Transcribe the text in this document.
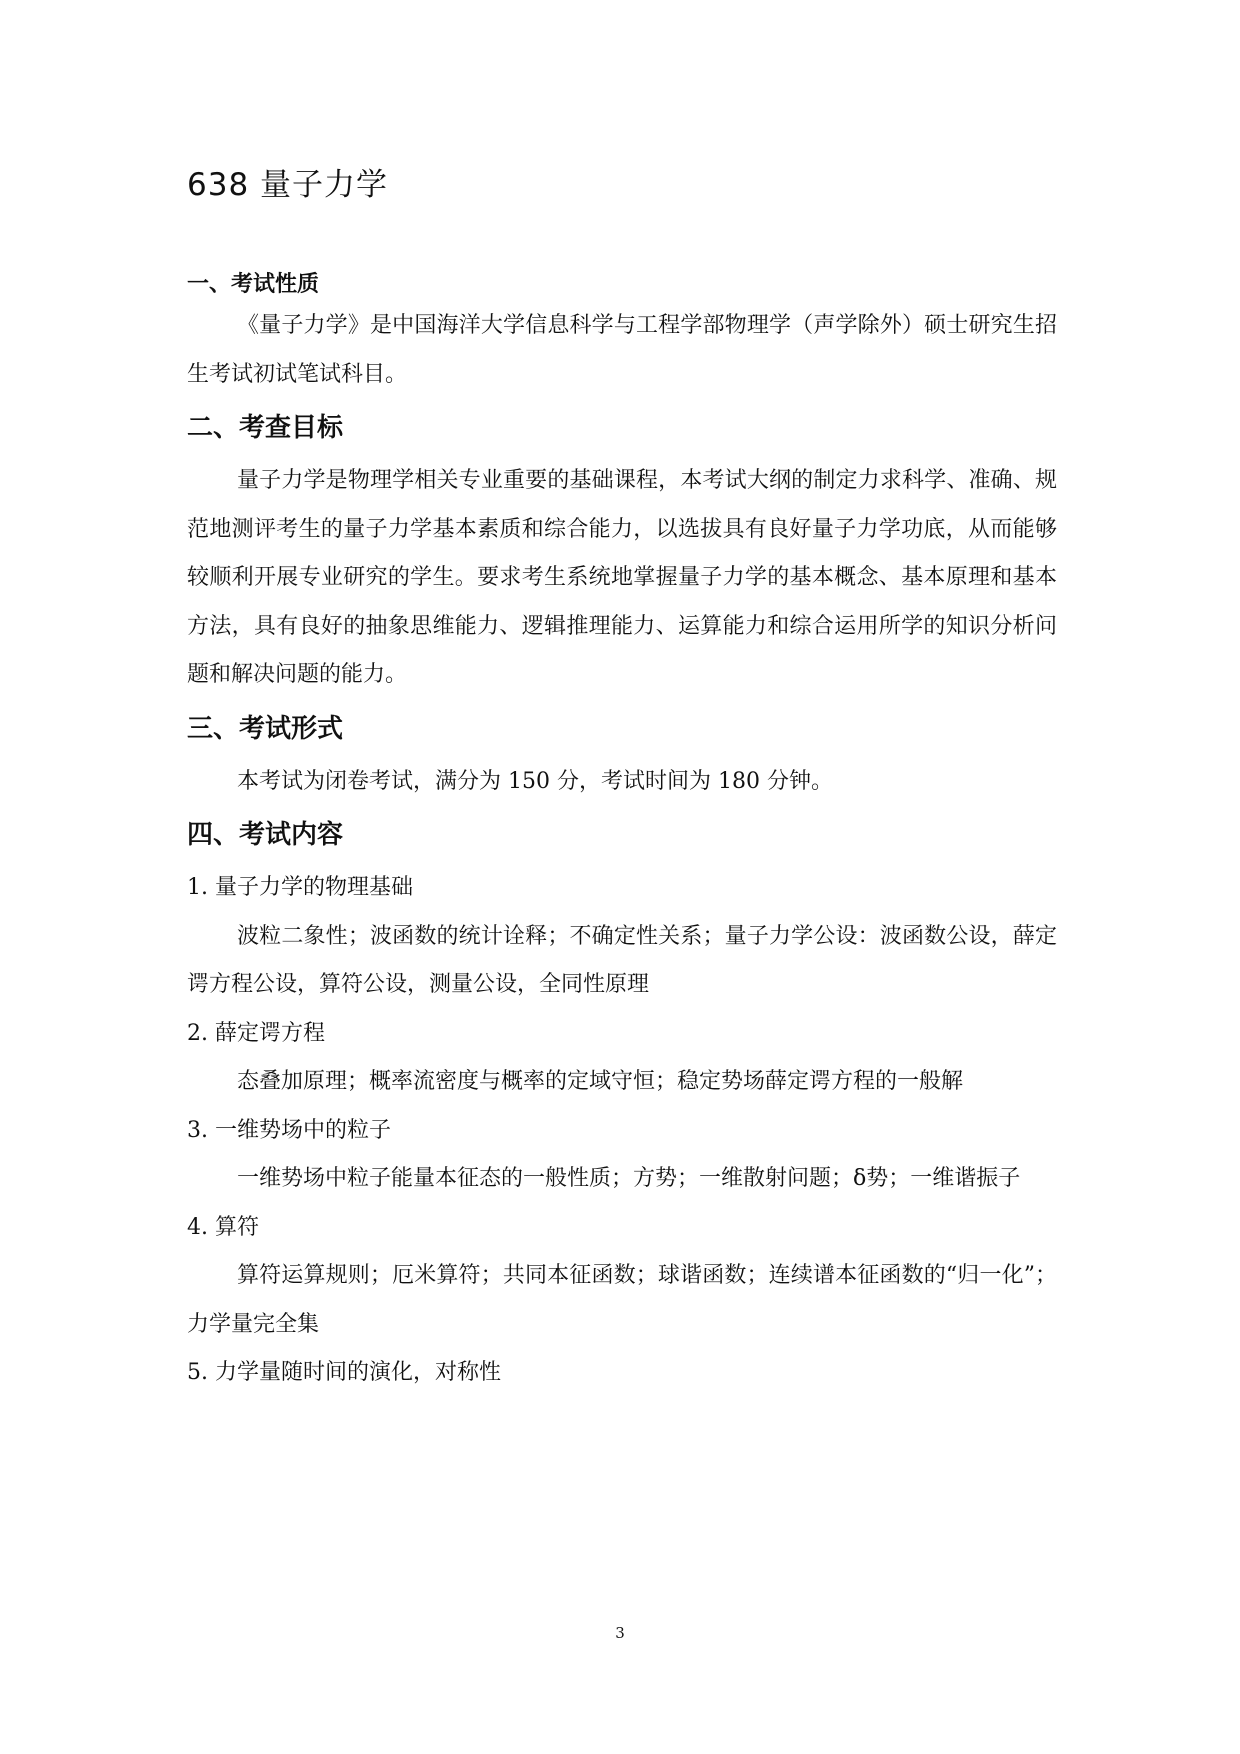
638 量子力学
一、考试性质

《量子力学》是中国海洋大学信息科学与工程学部物理学（声学除外）硕士研究生招生考试初试笔试科目。

二、考查目标

量子力学是物理学相关专业重要的基础课程，本考试大纲的制定力求科学、准确、规范地测评考生的量子力学基本素质和综合能力，以选拔具有良好量子力学功底，从而能够较顺利开展专业研究的学生。要求考生系统地掌握量子力学的基本概念、基本原理和基本方法，具有良好的抽象思维能力、逻辑推理能力、运算能力和综合运用所学的知识分析问题和解决问题的能力。

三、考试形式

本考试为闭卷考试，满分为 150 分，考试时间为 180 分钟。

四、考试内容
1. 量子力学的物理基础

波粒二象性；波函数的统计诠释；不确定性关系；量子力学公设：波函数公设，薛定谔方程公设，算符公设，测量公设，全同性原理

2. 薛定谔方程

态叠加原理；概率流密度与概率的定域守恒；稳定势场薛定谔方程的一般解

3. 一维势场中的粒子

一维势场中粒子能量本征态的一般性质；方势；一维散射问题；δ势；一维谐振子

4. 算符

算符运算规则；厄米算符；共同本征函数；球谐函数；连续谱本征函数的“归一化”；力学量完全集

5. 力学量随时间的演化，对称性
3
